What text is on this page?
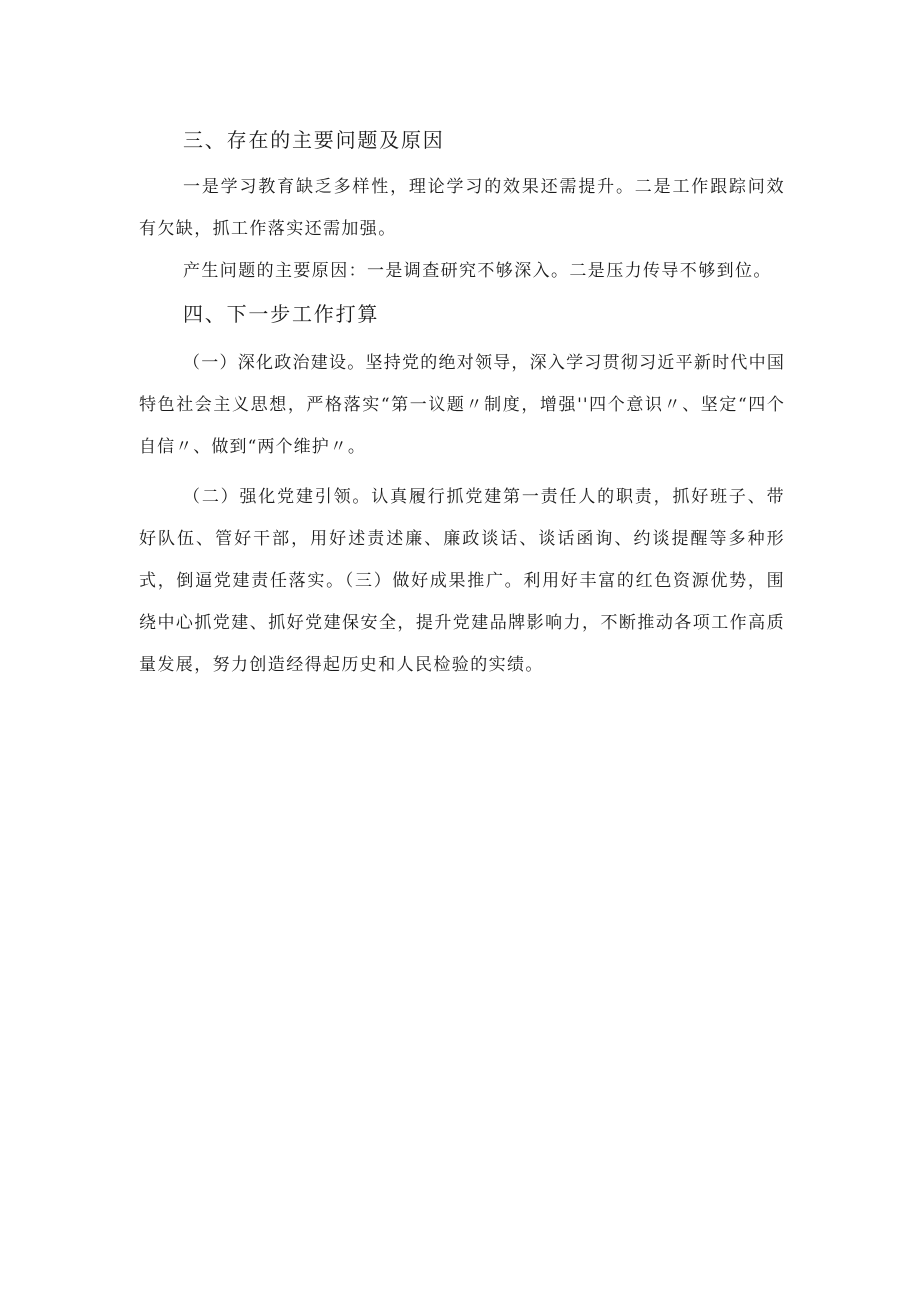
三、存在的主要问题及原因

一是学习教育缺乏多样性，理论学习的效果还需提升。二是工作跟踪问效有欠缺，抓工作落实还需加强。

产生问题的主要原因：一是调查研究不够深入。二是压力传导不够到位。

四、下一步工作打算

（一）深化政治建设。坚持党的绝对领导，深入学习贯彻习近平新时代中国特色社会主义思想，严格落实“第一议题〃制度，增强''四个意识〃、坚定“四个自信〃、做到“两个维护〃。

（二）强化党建引领。认真履行抓党建第一责任人的职责，抓好班子、带好队伍、管好干部，用好述责述廉、廉政谈话、谈话函询、约谈提醒等多种形式，倒逼党建责任落实。（三）做好成果推广。利用好丰富的红色资源优势，围绕中心抓党建、抓好党建保安全，提升党建品牌影响力，不断推动各项工作高质量发展，努力创造经得起历史和人民检验的实绩。
